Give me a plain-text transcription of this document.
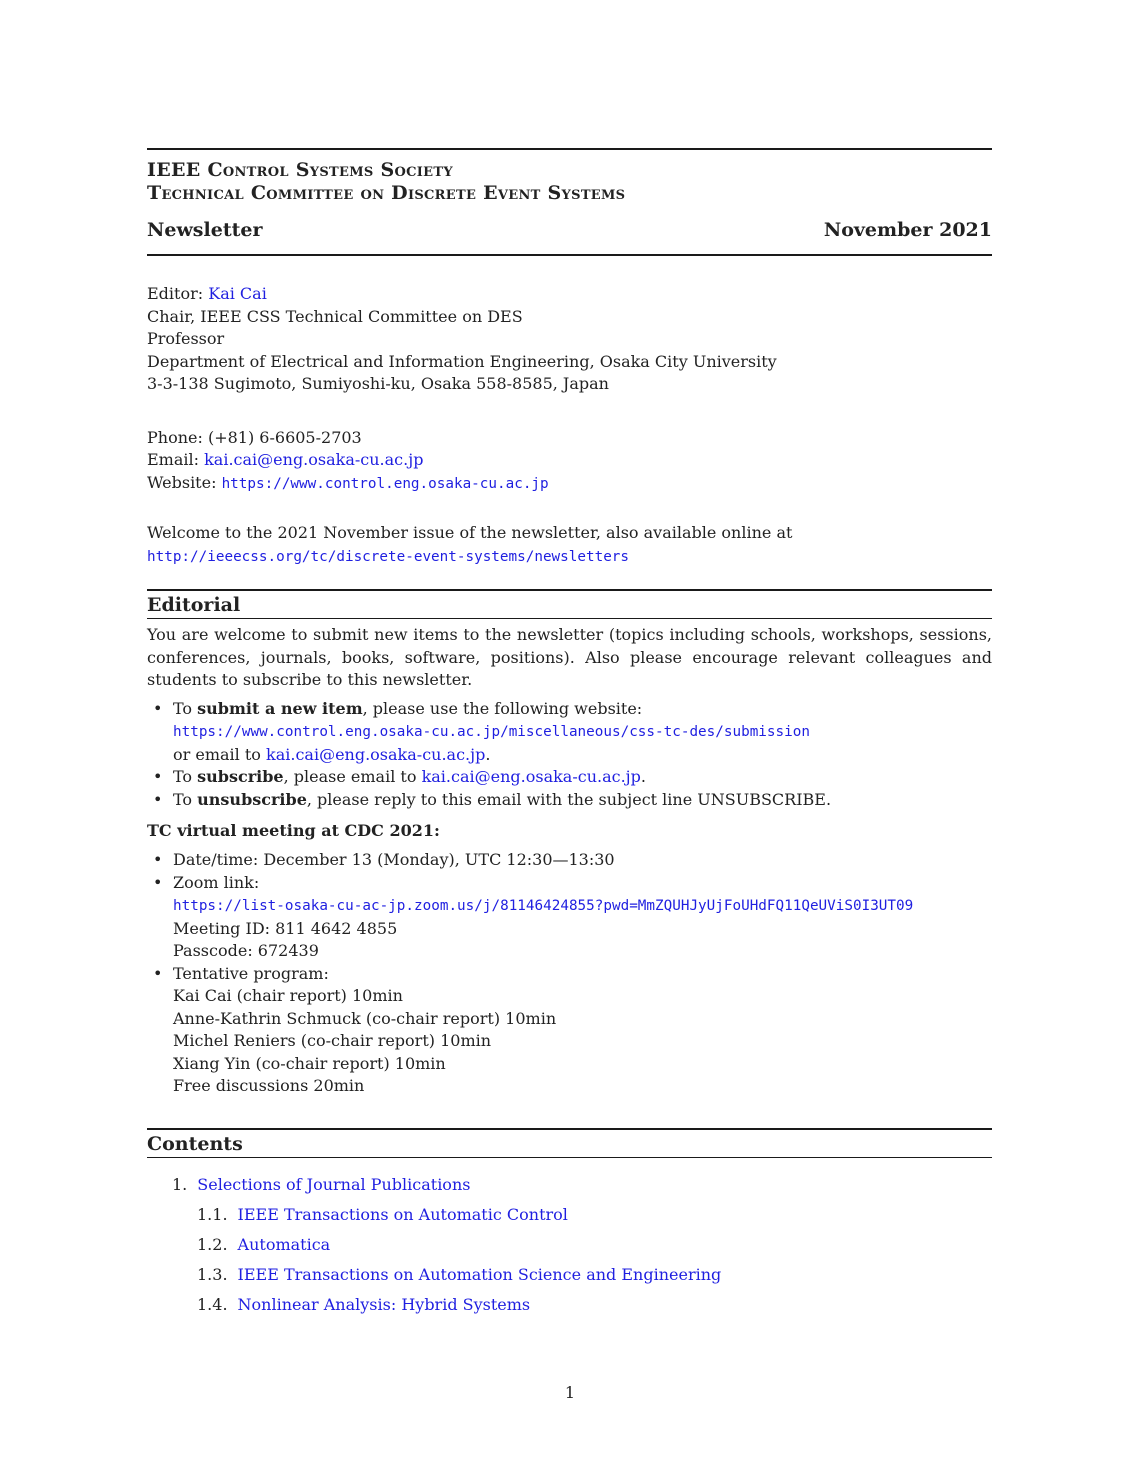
IEEE Control Systems Society
Technical Committee on Discrete Event Systems
Newsletter	November 2021
Editor: Kai Cai
Chair, IEEE CSS Technical Committee on DES
Professor
Department of Electrical and Information Engineering, Osaka City University
3-3-138 Sugimoto, Sumiyoshi-ku, Osaka 558-8585, Japan
Phone: (+81) 6-6605-2703
Email: kai.cai@eng.osaka-cu.ac.jp
Website: https://www.control.eng.osaka-cu.ac.jp
Welcome to the 2021 November issue of the newsletter, also available online at
http://ieeecss.org/tc/discrete-event-systems/newsletters
Editorial

You are welcome to submit new items to the newsletter (topics including schools, workshops, sessions, conferences, journals, books, software, positions). Also please encourage relevant colleagues and students to subscribe to this newsletter.

• To submit a new item, please use the following website:
https://www.control.eng.osaka-cu.ac.jp/miscellaneous/css-tc-des/submission
or email to kai.cai@eng.osaka-cu.ac.jp.
• To subscribe, please email to kai.cai@eng.osaka-cu.ac.jp.
• To unsubscribe, please reply to this email with the subject line UNSUBSCRIBE.
TC virtual meeting at CDC 2021:
• Date/time: December 13 (Monday), UTC 12:30—13:30
• Zoom link:
https://list-osaka-cu-ac-jp.zoom.us/j/81146424855?pwd=MmZQUHJyUjFoUHdFQ11QeUViS0I3UT09
Meeting ID: 811 4642 4855
Passcode: 672439
• Tentative program:
Kai Cai (chair report) 10min
Anne-Kathrin Schmuck (co-chair report) 10min
Michel Reniers (co-chair report) 10min
Xiang Yin (co-chair report) 10min
Free discussions 20min
Contents
1. Selections of Journal Publications
1.1. IEEE Transactions on Automatic Control
1.2. Automatica
1.3. IEEE Transactions on Automation Science and Engineering
1.4. Nonlinear Analysis: Hybrid Systems
1
